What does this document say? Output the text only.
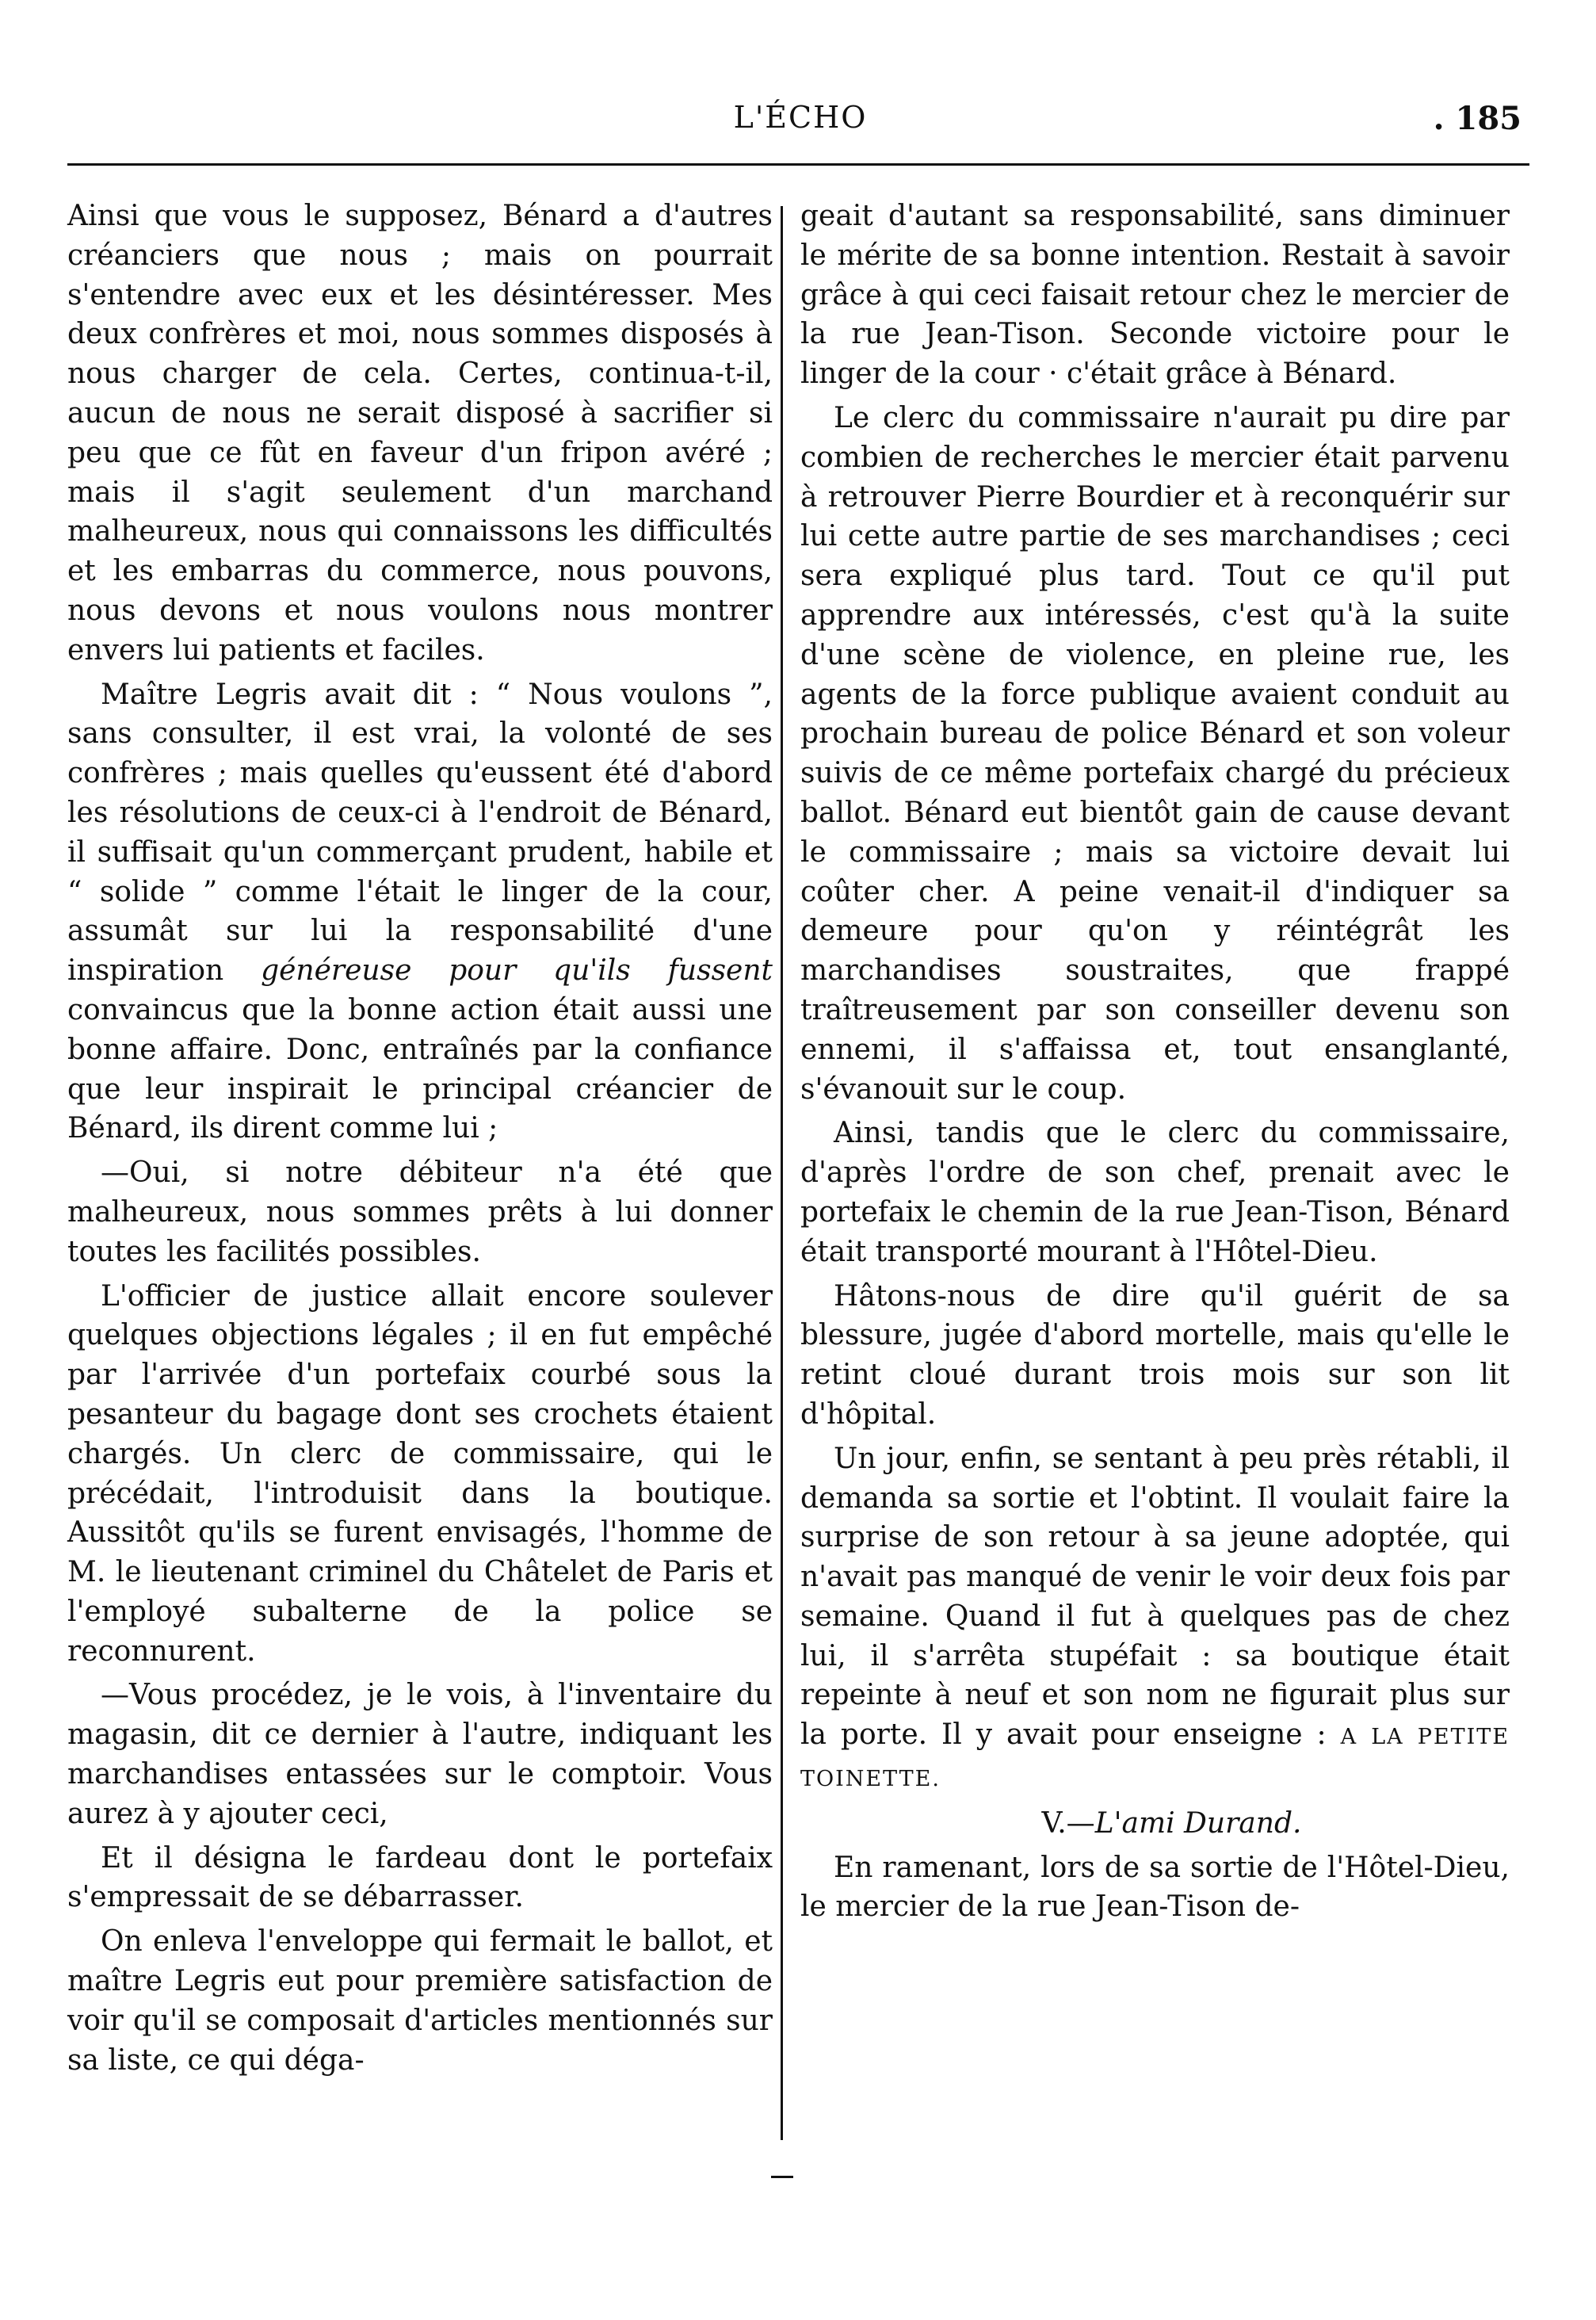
L'ÉCHO	. 185

Ainsi que vous le supposez, Bénard a d'autres créanciers que nous ; mais on pourrait s'entendre avec eux et les désintéresser. Mes deux confrères et moi, nous sommes disposés à nous charger de cela. Certes, continua-t-il, aucun de nous ne serait disposé à sacrifier si peu que ce fût en faveur d'un fripon avéré ; mais il s'agit seulement d'un marchand malheureux, nous qui connaissons les difficultés et les embarras du commerce, nous pouvons, nous devons et nous voulons nous montrer envers lui patients et faciles.

Maître Legris avait dit : “ Nous voulons ”, sans consulter, il est vrai, la volonté de ses confrères ; mais quelles qu'eussent été d'abord les résolutions de ceux-ci à l'endroit de Bénard, il suffisait qu'un commerçant prudent, habile et “ solide ” comme l'était le linger de la cour, assumât sur lui la responsabilité d'une inspiration généreuse pour qu'ils fussent convaincus que la bonne action était aussi une bonne affaire. Donc, entraînés par la confiance que leur inspirait le principal créancier de Bénard, ils dirent comme lui ;

—Oui, si notre débiteur n'a été que malheureux, nous sommes prêts à lui donner toutes les facilités possibles.

L'officier de justice allait encore soulever quelques objections légales ; il en fut empêché par l'arrivée d'un portefaix courbé sous la pesanteur du bagage dont ses crochets étaient chargés. Un clerc de commissaire, qui le précédait, l'introduisit dans la boutique. Aussitôt qu'ils se furent envisagés, l'homme de M. le lieutenant criminel du Châtelet de Paris et l'employé subalterne de la police se reconnurent.

—Vous procédez, je le vois, à l'inventaire du magasin, dit ce dernier à l'autre, indiquant les marchandises entassées sur le comptoir. Vous aurez à y ajouter ceci,

Et il désigna le fardeau dont le portefaix s'empressait de se débarrasser.

On enleva l'enveloppe qui fermait le ballot, et maître Legris eut pour première satisfaction de voir qu'il se composait d'articles mentionnés sur sa liste, ce qui déga-

geait d'autant sa responsabilité, sans diminuer le mérite de sa bonne intention. Restait à savoir grâce à qui ceci faisait retour chez le mercier de la rue Jean-Tison. Seconde victoire pour le linger de la cour · c'était grâce à Bénard.

Le clerc du commissaire n'aurait pu dire par combien de recherches le mercier était parvenu à retrouver Pierre Bourdier et à reconquérir sur lui cette autre partie de ses marchandises ; ceci sera expliqué plus tard. Tout ce qu'il put apprendre aux intéressés, c'est qu'à la suite d'une scène de violence, en pleine rue, les agents de la force publique avaient conduit au prochain bureau de police Bénard et son voleur suivis de ce même portefaix chargé du précieux ballot. Bénard eut bientôt gain de cause devant le commissaire ; mais sa victoire devait lui coûter cher. A peine venait-il d'indiquer sa demeure pour qu'on y réintégrât les marchandises soustraites, que frappé traîtreusement par son conseiller devenu son ennemi, il s'affaissa et, tout ensanglanté, s'évanouit sur le coup.

Ainsi, tandis que le clerc du commissaire, d'après l'ordre de son chef, prenait avec le portefaix le chemin de la rue Jean-Tison, Bénard était transporté mourant à l'Hôtel-Dieu.

Hâtons-nous de dire qu'il guérit de sa blessure, jugée d'abord mortelle, mais qu'elle le retint cloué durant trois mois sur son lit d'hôpital.

Un jour, enfin, se sentant à peu près rétabli, il demanda sa sortie et l'obtint. Il voulait faire la surprise de son retour à sa jeune adoptée, qui n'avait pas manqué de venir le voir deux fois par semaine. Quand il fut à quelques pas de chez lui, il s'arrêta stupéfait : sa boutique était repeinte à neuf et son nom ne figurait plus sur la porte. Il y avait pour enseigne : A LA PETITE TOINETTE.

V.—L'ami Durand.

En ramenant, lors de sa sortie de l'Hôtel-Dieu, le mercier de la rue Jean-Tison de-
